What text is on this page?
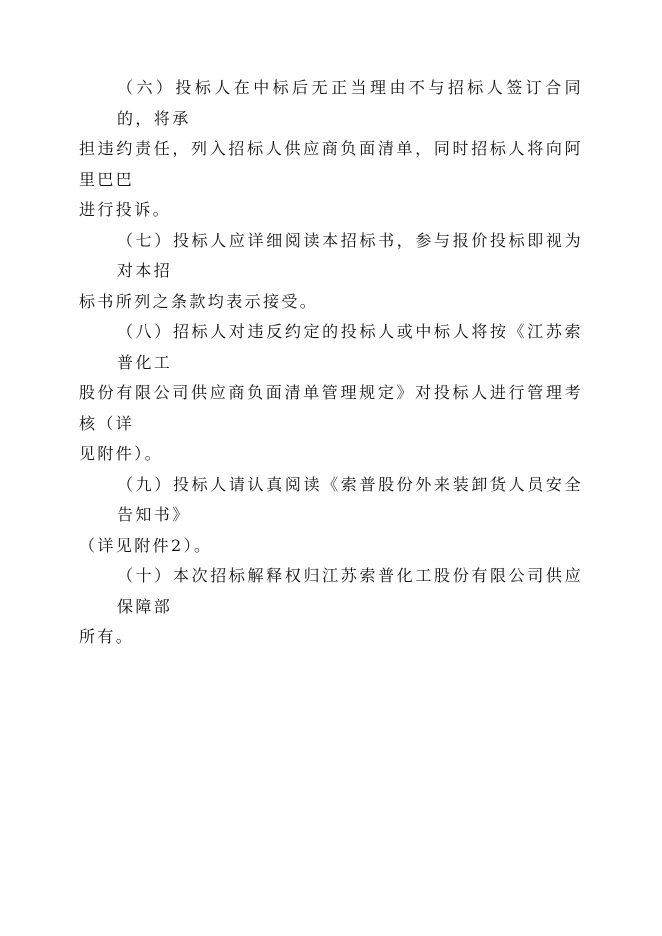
（六）投标人在中标后无正当理由不与招标人签订合同的，将承
担违约责任，列入招标人供应商负面清单，同时招标人将向阿里巴巴
进行投诉。

（七）投标人应详细阅读本招标书，参与报价投标即视为对本招
标书所列之条款均表示接受。

（八）招标人对违反约定的投标人或中标人将按《江苏索普化工
股份有限公司供应商负面清单管理规定》对投标人进行管理考核（详
见附件）。

（九）投标人请认真阅读《索普股份外来装卸货人员安全告知书》
（详见附件2）。

（十）本次招标解释权归江苏索普化工股份有限公司供应保障部
所有。
